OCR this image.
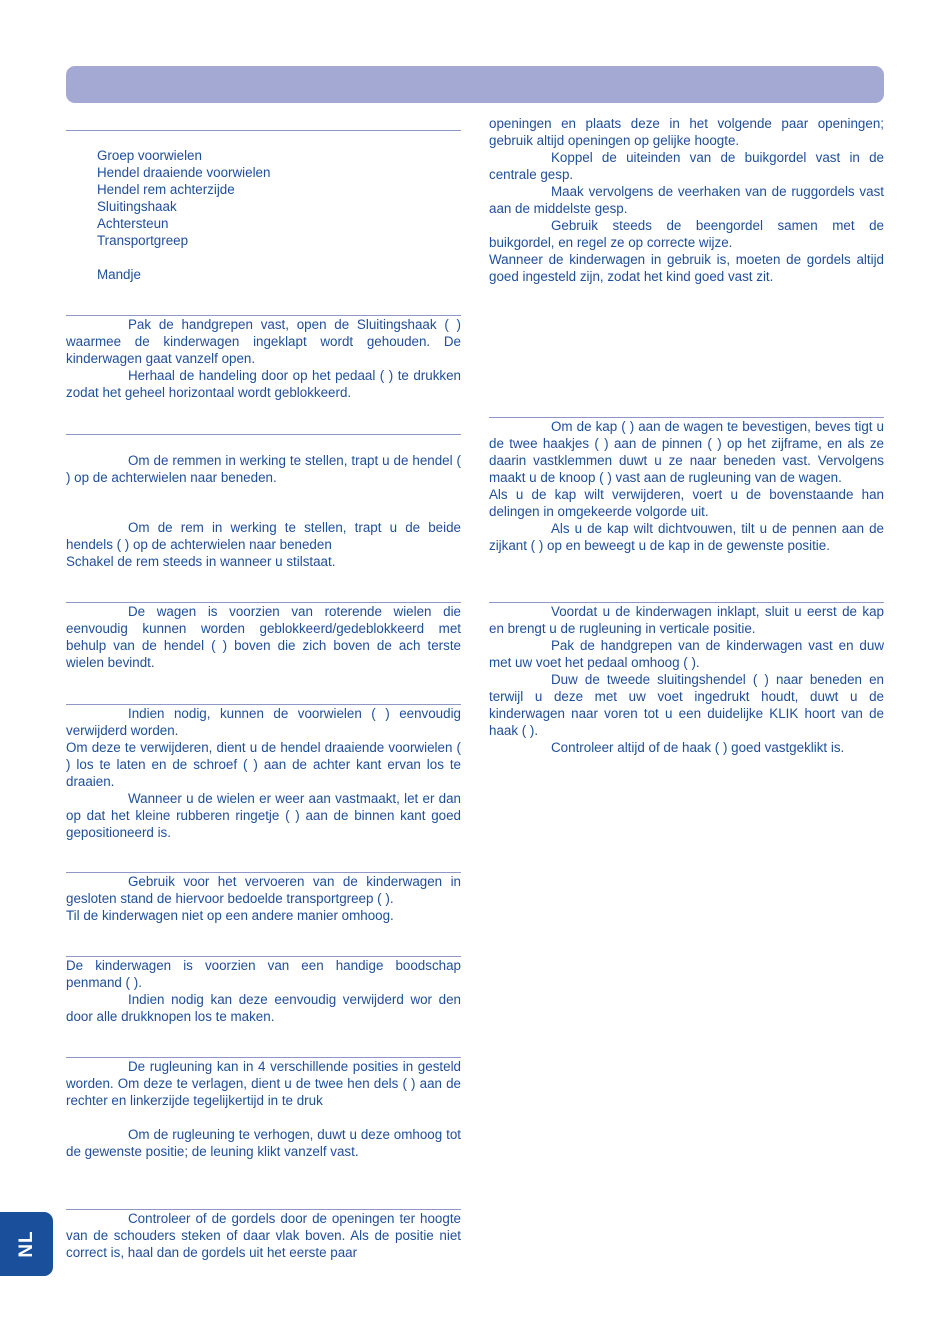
Groep voorwielen
Hendel draaiende voorwielen
Hendel rem achterzijde
Sluitingshaak
Achtersteun
Transportgreep

Mandje

Pak de handgrepen vast, open de Sluitingshaak ( ) waarmee de kinderwagen ingeklapt wordt gehouden. De kinderwagen gaat vanzelf open.

Herhaal de handeling door op het pedaal ( ) te drukken zodat het geheel horizontaal wordt geblokkeerd.

Om de remmen in werking te stellen, trapt u de hendel ( ) op de achterwielen naar beneden.

Om de rem in werking te stellen, trapt u de beide hendels ( ) op de achterwielen naar beneden

Schakel de rem steeds in wanneer u stilstaat.

De wagen is voorzien van roterende wielen die eenvoudig kunnen worden geblokkeerd/gedeblokkeerd met behulp van de hendel ( ) boven die zich boven de ach terste wielen bevindt.

Indien nodig, kunnen de voorwielen ( ) eenvoudig verwijderd worden.

Om deze te verwijderen, dient u de hendel draaiende voorwielen ( ) los te laten en de schroef ( ) aan de achter kant ervan los te draaien.

Wanneer u de wielen er weer aan vastmaakt, let er dan op dat het kleine rubberen ringetje ( ) aan de binnen kant goed gepositioneerd is.

Gebruik voor het vervoeren van de kinderwagen in gesloten stand de hiervoor bedoelde transportgreep ( ).

Til de kinderwagen niet op een andere manier omhoog.

De kinderwagen is voorzien van een handige boodschap penmand ( ).

Indien nodig kan deze eenvoudig verwijderd wor den door alle drukknopen los te maken.

De rugleuning kan in 4 verschillende posities in gesteld worden. Om deze te verlagen, dient u de twee hen dels ( ) aan de rechter en linkerzijde tegelijkertijd in te druk

Om de rugleuning te verhogen, duwt u deze omhoog tot de gewenste positie; de leuning klikt vanzelf vast.

Controleer of de gordels door de openingen ter hoogte van de schouders steken of daar vlak boven. Als de positie niet correct is, haal dan de gordels uit het eerste paar

openingen en plaats deze in het volgende paar openingen; gebruik altijd openingen op gelijke hoogte.

Koppel de uiteinden van de buikgordel vast in de centrale gesp.

Maak vervolgens de veerhaken van de ruggordels vast aan de middelste gesp.

Gebruik steeds de beengordel samen met de buikgordel, en regel ze op correcte wijze.

Wanneer de kinderwagen in gebruik is, moeten de gordels altijd goed ingesteld zijn, zodat het kind goed vast zit.

Om de kap ( ) aan de wagen te bevestigen, beves tigt u de twee haakjes ( ) aan de pinnen ( ) op het zijframe, en als ze daarin vastklemmen duwt u ze naar beneden vast. Vervolgens maakt u de knoop ( ) vast aan de rugleuning van de wagen.

Als u de kap wilt verwijderen, voert u de bovenstaande han delingen in omgekeerde volgorde uit.

Als u de kap wilt dichtvouwen, tilt u de pennen aan de zijkant ( ) op en beweegt u de kap in de gewenste positie.

Voordat u de kinderwagen inklapt, sluit u eerst de kap en brengt u de rugleuning in verticale positie.

Pak de handgrepen van de kinderwagen vast en duw met uw voet het pedaal omhoog ( ).

Duw de tweede sluitingshendel ( ) naar beneden en terwijl u deze met uw voet ingedrukt houdt, duwt u de kinderwagen naar voren tot u een duidelijke KLIK hoort van de haak ( ).

Controleer altijd of de haak ( ) goed vastgeklikt is.

NL
